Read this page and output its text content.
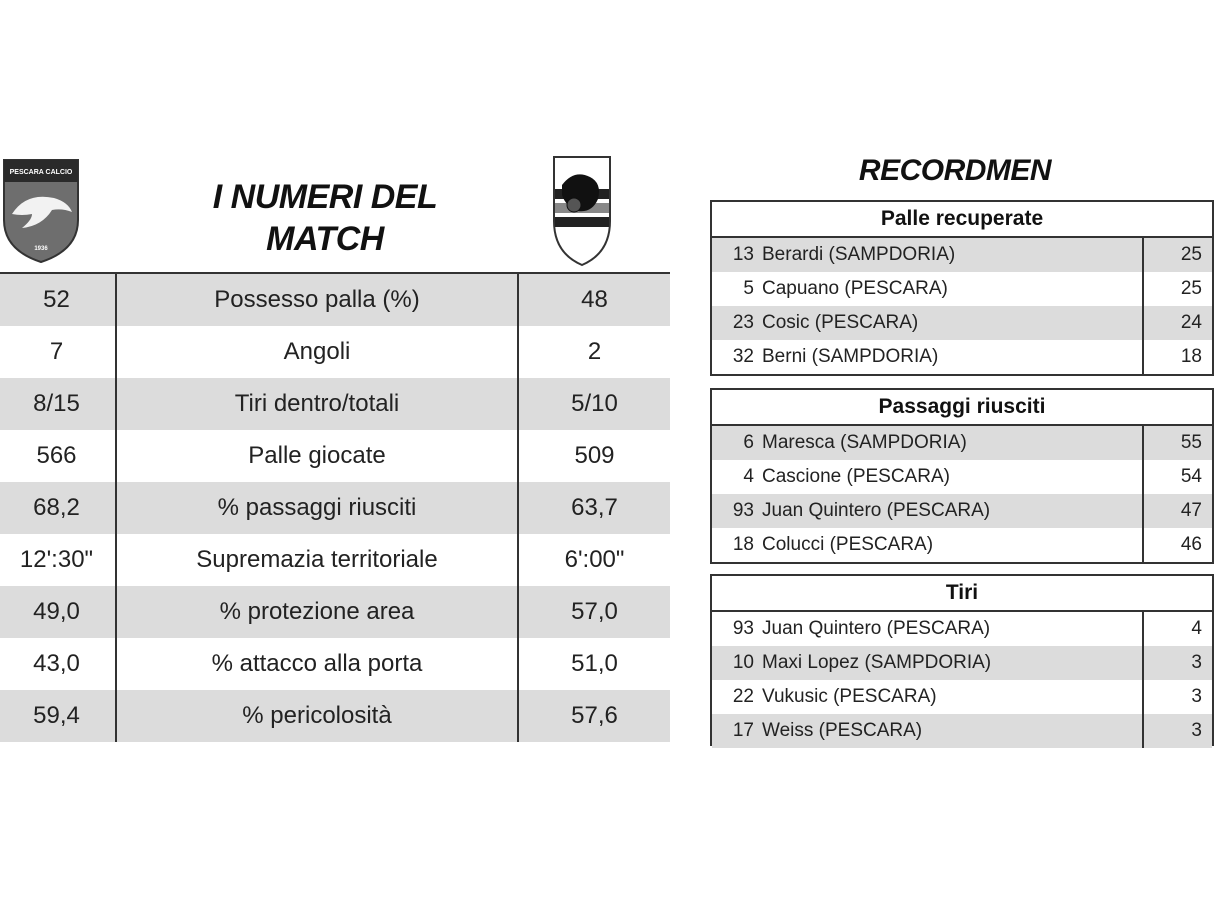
PESCARA CALCIO
1936
I NUMERI DEL
MATCH
52	Possesso palla (%)	48
7	Angoli	2
8/15	Tiri dentro/totali	5/10
566	Palle giocate	509
68,2	% passaggi riusciti	63,7
12':30"	Supremazia territoriale	6':00"
49,0	% protezione area	57,0
43,0	% attacco alla porta	51,0
59,4	% pericolosità	57,6
RECORDMEN
Palle recuperate
13 Berardi (SAMPDORIA)	25
5 Capuano (PESCARA)	25
23 Cosic (PESCARA)	24
32 Berni (SAMPDORIA)	18
Passaggi riusciti
6 Maresca (SAMPDORIA)	55
4 Cascione (PESCARA)	54
93 Juan Quintero (PESCARA)	47
18 Colucci (PESCARA)	46
Tiri
93 Juan Quintero (PESCARA)	4
10 Maxi Lopez (SAMPDORIA)	3
22 Vukusic (PESCARA)	3
17 Weiss (PESCARA)	3
